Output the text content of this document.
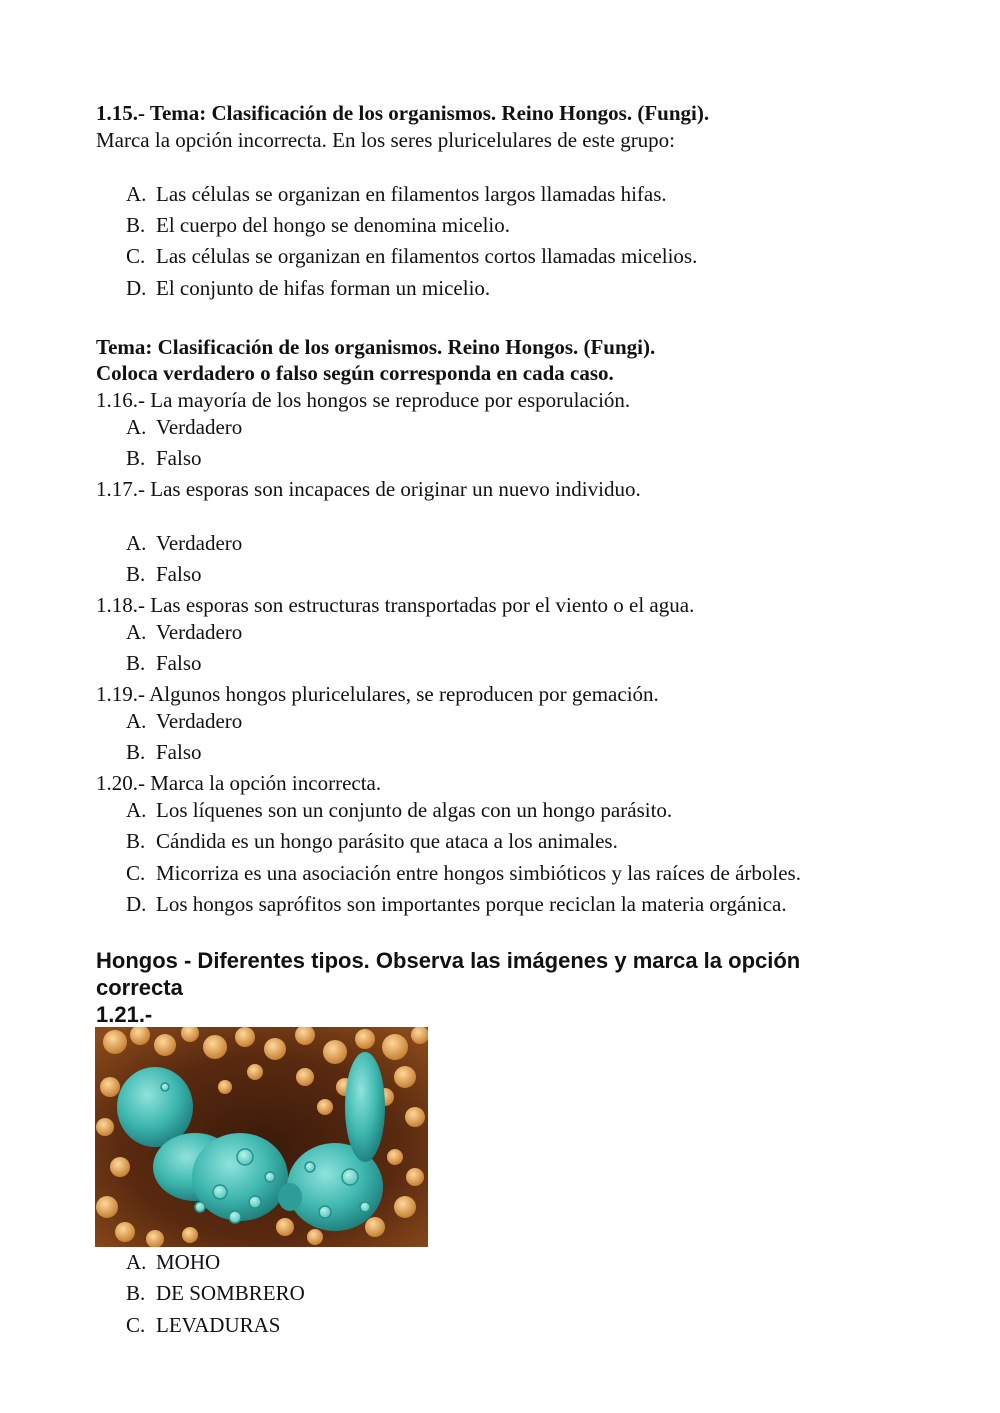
1.15.- Tema: Clasificación de los organismos. Reino Hongos. (Fungi).
Marca la opción incorrecta. En los seres pluricelulares de este grupo:
A. Las células se organizan en filamentos largos llamadas hifas.
B. El cuerpo del hongo se denomina micelio.
C. Las células se organizan en filamentos cortos llamadas micelios.
D. El conjunto de hifas forman un micelio.
Tema: Clasificación de los organismos. Reino Hongos. (Fungi).
Coloca verdadero o falso según corresponda en cada caso.
1.16.- La mayoría de los hongos se reproduce por esporulación.
A. Verdadero
B. Falso
1.17.- Las esporas son incapaces de originar un nuevo individuo.
A. Verdadero
B. Falso
1.18.- Las esporas son estructuras transportadas por el viento o el agua.
A. Verdadero
B. Falso
1.19.- Algunos hongos pluricelulares, se reproducen por gemación.
A. Verdadero
B. Falso
1.20.- Marca la opción incorrecta.
A. Los líquenes son un conjunto de algas con un hongo parásito.
B. Cándida es un hongo parásito que ataca a los animales.
C. Micorriza es una asociación entre hongos simbióticos y las raíces de árboles.
D. Los hongos saprófitos son importantes porque reciclan la materia orgánica.
Hongos - Diferentes tipos. Observa las imágenes y marca la opción
correcta
1.21.-
A. MOHO
B. DE SOMBRERO
C. LEVADURAS
